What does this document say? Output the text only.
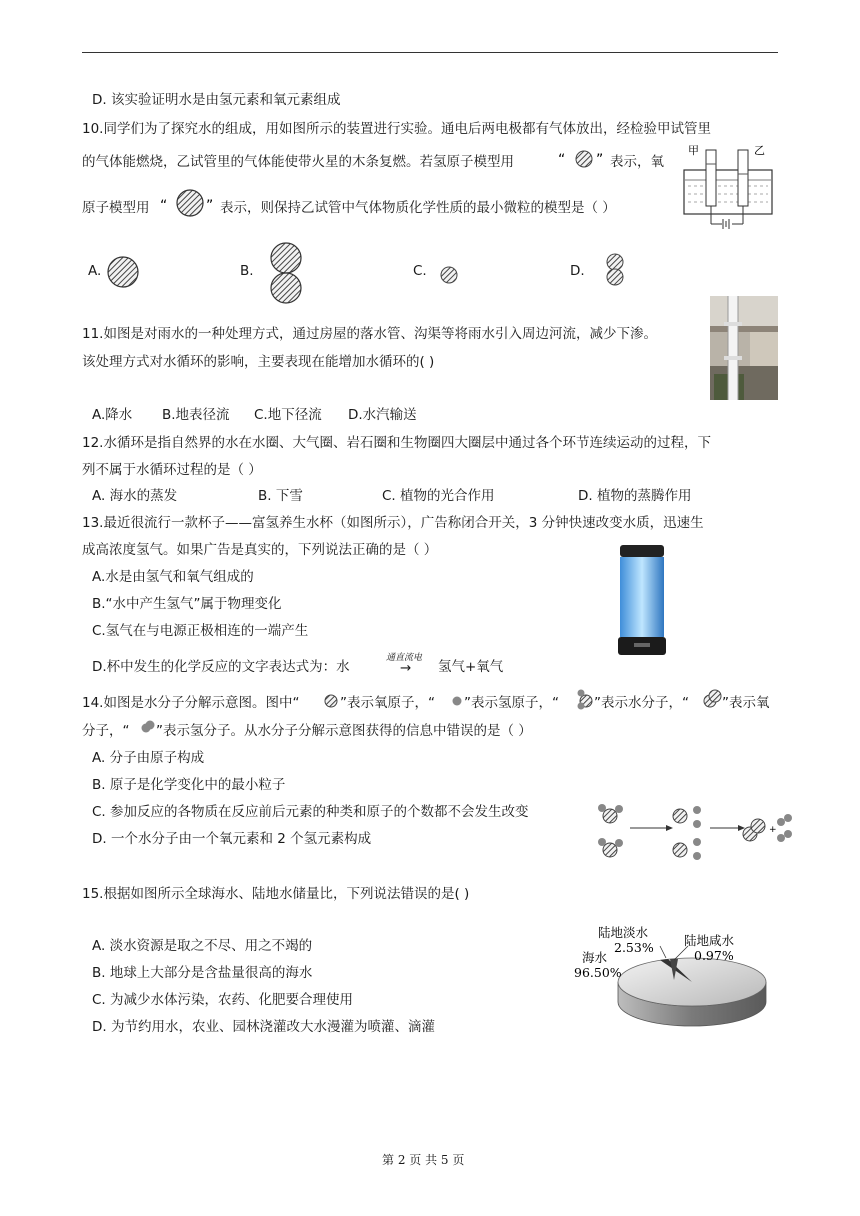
D. 该实验证明水是由氢元素和氧元素组成
10.同学们为了探究水的组成，用如图所示的装置进行实验。通电后两电极都有气体放出，经检验甲试管里
的气体能燃烧，乙试管里的气体能使带火星的木条复燃。若氢原子模型用	“ ” 表示，氧
原子模型用 “	” 表示，则保持乙试管中气体物质化学性质的最小微粒的模型是（ ）
甲	乙
A.	B.	C.	D.
11.如图是对雨水的一种处理方式，通过房屋的落水管、沟渠等将雨水引入周边河流，减少下渗。
该处理方式对水循环的影响，主要表现在能增加水循环的( )
A.降水 B.地表径流 C.地下径流 D.水汽输送
12.水循环是指自然界的水在水圈、大气圈、岩石圈和生物圈四大圈层中通过各个环节连续运动的过程，下
列不属于水循环过程的是（ ）
A. 海水的蒸发	B. 下雪	C. 植物的光合作用	D. 植物的蒸腾作用
13.最近很流行一款杯子——富氢养生水杯（如图所示），广告称闭合开关，3 分钟快速改变水质，迅速生
成高浓度氢气。如果广告是真实的，下列说法正确的是（ ）
A.水是由氢气和氧气组成的
B.“水中产生氢气”属于物理变化
C.氢气在与电源正极相连的一端产生
D.杯中发生的化学反应的文字表达式为：水
通直流电
→ 氢气+氧气
14.如图是水分子分解示意图。图中“	”表示氧原子，“ ”表示氢原子，“	”表示水分子，“ ”表示氧
分子，“ ”表示氢分子。从水分子分解示意图获得的信息中错误的是（ ）
A. 分子由原子构成
B. 原子是化学变化中的最小粒子
C. 参加反应的各物质在反应前后元素的种类和原子的个数都不会发生改变
D. 一个水分子由一个氧元素和 2 个氢元素构成
+
15.根据如图所示全球海水、陆地水储量比，下列说法错误的是( )
A. 淡水资源是取之不尽、用之不竭的
B. 地球上大部分是含盐量很高的海水
C. 为减少水体污染，农药、化肥要合理使用
D. 为节约用水，农业、园林浇灌改大水漫灌为喷灌、滴灌
陆地淡水
2.53% 陆地咸水
0.97%
海水
96.50%
第 2 页 共 5 页
